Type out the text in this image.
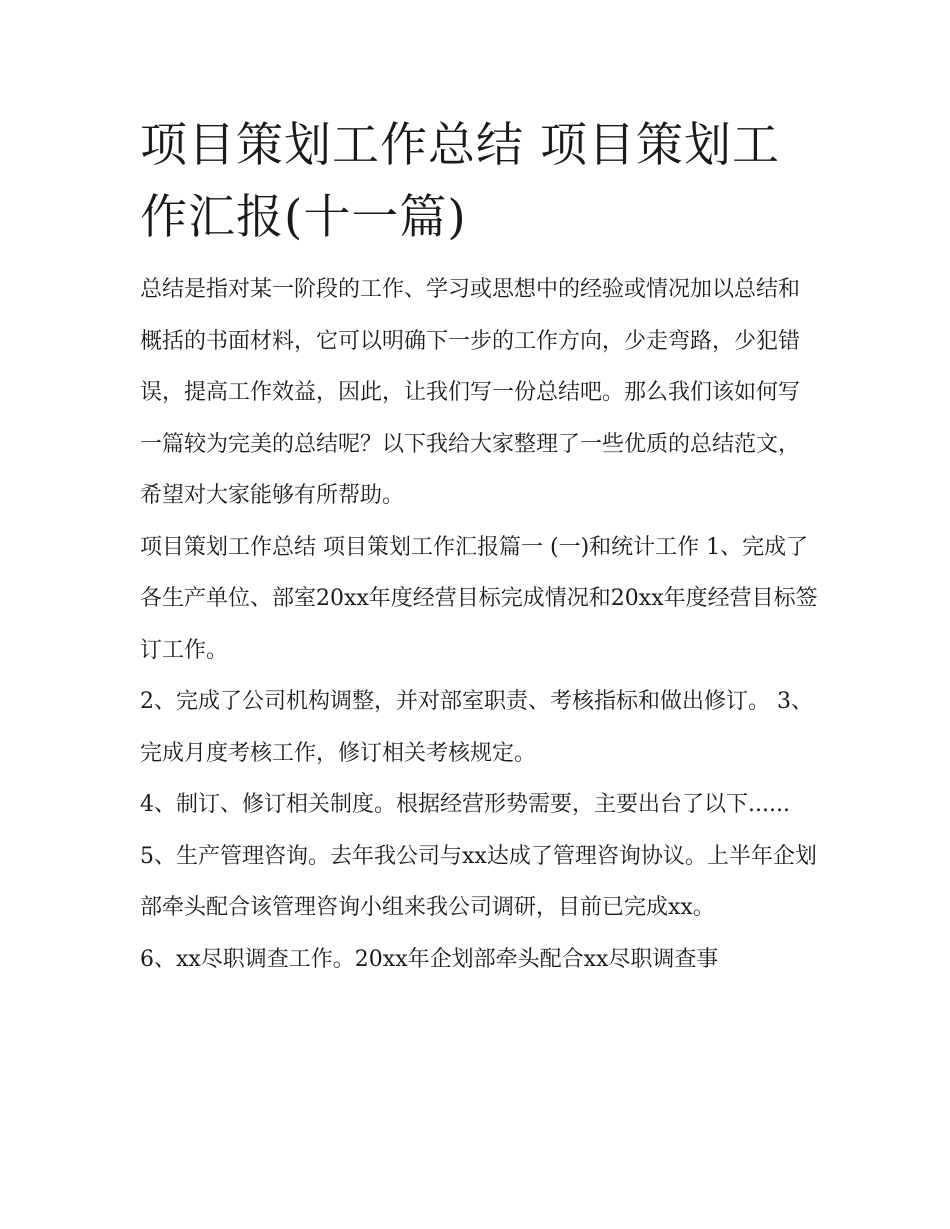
项目策划工作总结 项目策划工
作汇报(十一篇)

总结是指对某一阶段的工作、学习或思想中的经验或情况加以总结和概括的书面材料，它可以明确下一步的工作方向，少走弯路，少犯错误，提高工作效益，因此，让我们写一份总结吧。那么我们该如何写一篇较为完美的总结呢？以下我给大家整理了一些优质的总结范文，希望对大家能够有所帮助。

项目策划工作总结 项目策划工作汇报篇一 (一)和统计工作 1、完成了各生产单位、部室20xx年度经营目标完成情况和20xx年度经营目标签订工作。

2、完成了公司机构调整，并对部室职责、考核指标和做出修订。 3、完成月度考核工作，修订相关考核规定。

4、制订、修订相关制度。根据经营形势需要，主要出台了以下......

5、生产管理咨询。去年我公司与xx达成了管理咨询协议。上半年企划部牵头配合该管理咨询小组来我公司调研，目前已完成xx。

6、xx尽职调查工作。20xx年企划部牵头配合xx尽职调查事
